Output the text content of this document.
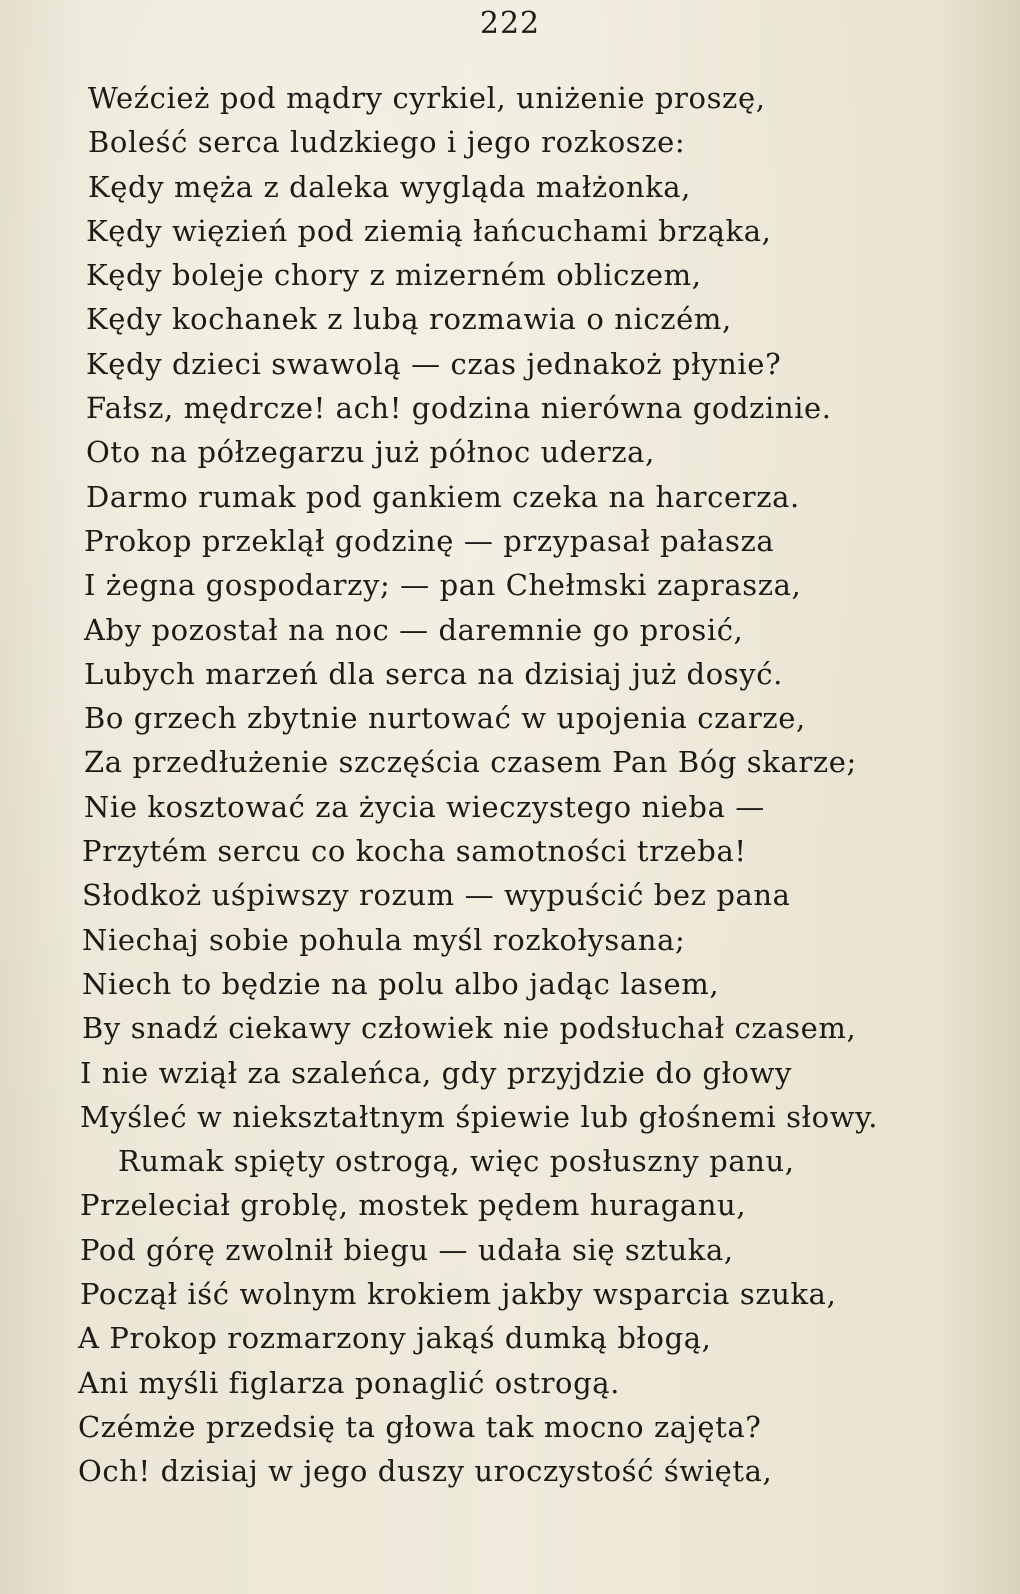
222
Weźcież pod mądry cyrkiel, uniżenie proszę,
Boleść serca ludzkiego i jego rozkosze:
Kędy męża z daleka wygląda małżonka,
Kędy więzień pod ziemią łańcuchami brząka,
Kędy boleje chory z mizerném obliczem,
Kędy kochanek z lubą rozmawia o niczém,
Kędy dzieci swawolą — czas jednakoż płynie?
Fałsz, mędrcze! ach! godzina nierówna godzinie.
Oto na półzegarzu już północ uderza,
Darmo rumak pod gankiem czeka na harcerza.
Prokop przeklął godzinę — przypasał pałasza
I żegna gospodarzy; — pan Chełmski zaprasza,
Aby pozostał na noc — daremnie go prosić,
Lubych marzeń dla serca na dzisiaj już dosyć.
Bo grzech zbytnie nurtować w upojenia czarze,
Za przedłużenie szczęścia czasem Pan Bóg skarze;
Nie kosztować za życia wieczystego nieba —
Przytém sercu co kocha samotności trzeba!
Słodkoż uśpiwszy rozum — wypuścić bez pana
Niechaj sobie pohula myśl rozkołysana;
Niech to będzie na polu albo jadąc lasem,
By snadź ciekawy człowiek nie podsłuchał czasem,
I nie wziął za szaleńca, gdy przyjdzie do głowy
Myśleć w niekształtnym śpiewie lub głośnemi słowy.
Rumak spięty ostrogą, więc posłuszny panu,
Przeleciał groblę, mostek pędem huraganu,
Pod górę zwolnił biegu — udała się sztuka,
Począł iść wolnym krokiem jakby wsparcia szuka,
A Prokop rozmarzony jakąś dumką błogą,
Ani myśli figlarza ponaglić ostrogą.
Czémże przedsię ta głowa tak mocno zajęta?
Och! dzisiaj w jego duszy uroczystość święta,
